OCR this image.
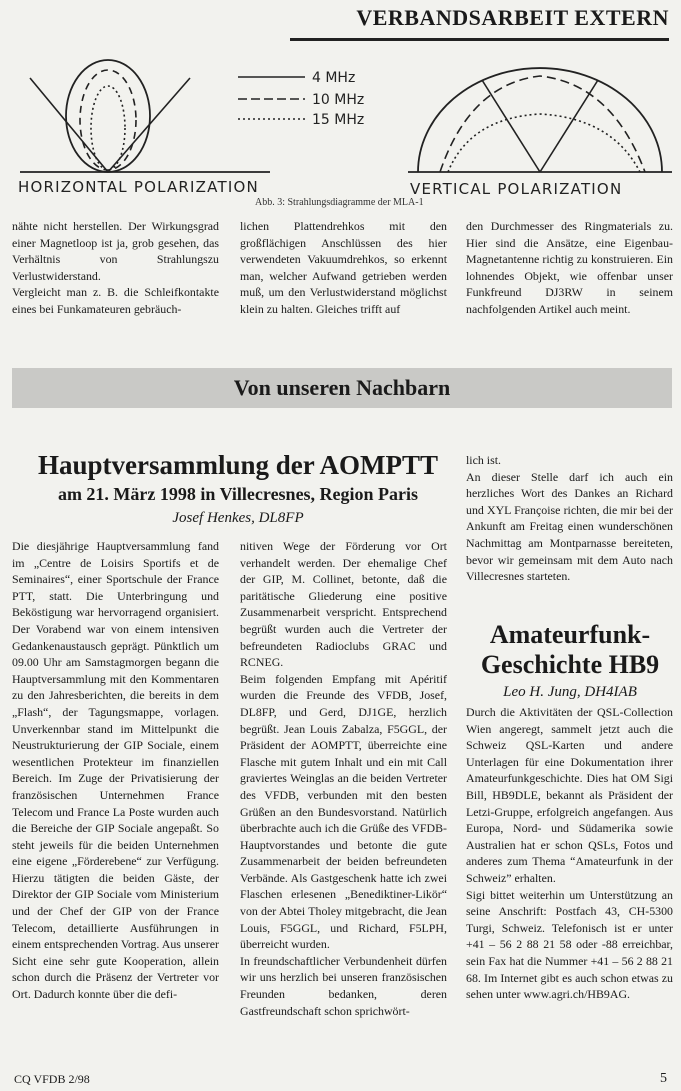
VERBANDSARBEIT EXTERN
HORIZONTAL POLARIZATION
4 MHz
10 MHz
15 MHz
VERTICAL POLARIZATION
Abb. 3: Strahlungsdiagramme der MLA-1
nähte nicht herstellen. Der Wirkungsgrad einer Magnetloop ist ja, grob gesehen, das Verhältnis von Strahlungszu Verlustwiderstand.
Vergleicht man z. B. die Schleifkontakte eines bei Funkamateuren gebräuch-
lichen Plattendrehkos mit den großflächigen Anschlüssen des hier verwendeten Vakuumdrehkos, so erkennt man, welcher Aufwand getrieben werden muß, um den Verlustwiderstand möglichst klein zu halten. Gleiches trifft auf
den Durchmesser des Ringmaterials zu. Hier sind die Ansätze, eine Eigenbau-Magnetantenne richtig zu konstruieren. Ein lohnendes Objekt, wie offenbar unser Funkfreund DJ3RW in seinem nachfolgenden Artikel auch meint.
Von unseren Nachbarn
Hauptversammlung der AOMPTT
am 21. März 1998 in Villecresnes, Region Paris
Josef Henkes, DL8FP
Die diesjährige Hauptversammlung fand im „Centre de Loisirs Sportifs et de Seminaires“, einer Sportschule der France PTT, statt. Die Unterbringung und Beköstigung war hervorragend organisiert. Der Vorabend war von einem intensiven Gedankenaustausch geprägt. Pünktlich um 09.00 Uhr am Samstagmorgen begann die Hauptversammlung mit den Kommentaren zu den Jahresberichten, die bereits in dem „Flash“, der Tagungsmappe, vorlagen. Unverkennbar stand im Mittelpunkt die Neustrukturierung der GIP Sociale, einem wesentlichen Protekteur im finanziellen Bereich. Im Zuge der Privatisierung der französischen Unternehmen France Telecom und France La Poste wurden auch die Bereiche der GIP Sociale angepaßt. So steht jeweils für die beiden Unternehmen eine eigene „Förderebene“ zur Verfügung. Hierzu tätigten die beiden Gäste, der Direktor der GIP Sociale vom Ministerium und der Chef der GIP von der France Telecom, detaillierte Ausführungen in einem entsprechenden Vortrag. Aus unserer Sicht eine sehr gute Kooperation, allein schon durch die Präsenz der Vertreter vor Ort. Dadurch konnte über die defi-
nitiven Wege der Förderung vor Ort verhandelt werden. Der ehemalige Chef der GIP, M. Collinet, betonte, daß die paritätische Gliederung eine positive Zusammenarbeit verspricht. Entsprechend begrüßt wurden auch die Vertreter der befreundeten Radioclubs GRAC und RCNEG.
Beim folgenden Empfang mit Apéritif wurden die Freunde des VFDB, Josef, DL8FP, und Gerd, DJ1GE, herzlich begrüßt. Jean Louis Zabalza, F5GGL, der Präsident der AOMPTT, überreichte eine Flasche mit gutem Inhalt und ein mit Call graviertes Weinglas an die beiden Vertreter des VFDB, verbunden mit den besten Grüßen an den Bundesvorstand. Natürlich überbrachte auch ich die Grüße des VFDB-Hauptvorstandes und betonte die gute Zusammenarbeit der beiden befreundeten Verbände. Als Gastgeschenk hatte ich zwei Flaschen erlesenen „Benediktiner-Likör“ von der Abtei Tholey mitgebracht, die Jean Louis, F5GGL, und Richard, F5LPH, überreicht wurden.
In freundschaftlicher Verbundenheit dürfen wir uns herzlich bei unseren französischen Freunden bedanken, deren Gastfreundschaft schon sprichwört-
lich ist.
An dieser Stelle darf ich auch ein herzliches Wort des Dankes an Richard und XYL Françoise richten, die mir bei der Ankunft am Freitag einen wunderschönen Nachmittag am Montparnasse bereiteten, bevor wir gemeinsam mit dem Auto nach Villecresnes starteten.
Amateurfunk-Geschichte HB9
Leo H. Jung, DH4IAB
Durch die Aktivitäten der QSL-Collection Wien angeregt, sammelt jetzt auch die Schweiz QSL-Karten und andere Unterlagen für eine Dokumentation ihrer Amateurfunkgeschichte. Dies hat OM Sigi Bill, HB9DLE, bekannt als Präsident der Letzi-Gruppe, erfolgreich angefangen. Aus Europa, Nord- und Südamerika sowie Australien hat er schon QSLs, Fotos und anderes zum Thema “Amateurfunk in der Schweiz” erhalten.
Sigi bittet weiterhin um Unterstützung an seine Anschrift: Postfach 43, CH-5300 Turgi, Schweiz. Telefonisch ist er unter +41 – 56 2 88 21 58 oder -88 erreichbar, sein Fax hat die Nummer +41 – 56 2 88 21 68. Im Internet gibt es auch schon etwas zu sehen unter www.agri.ch/HB9AG.
CQ VFDB 2/98	5
